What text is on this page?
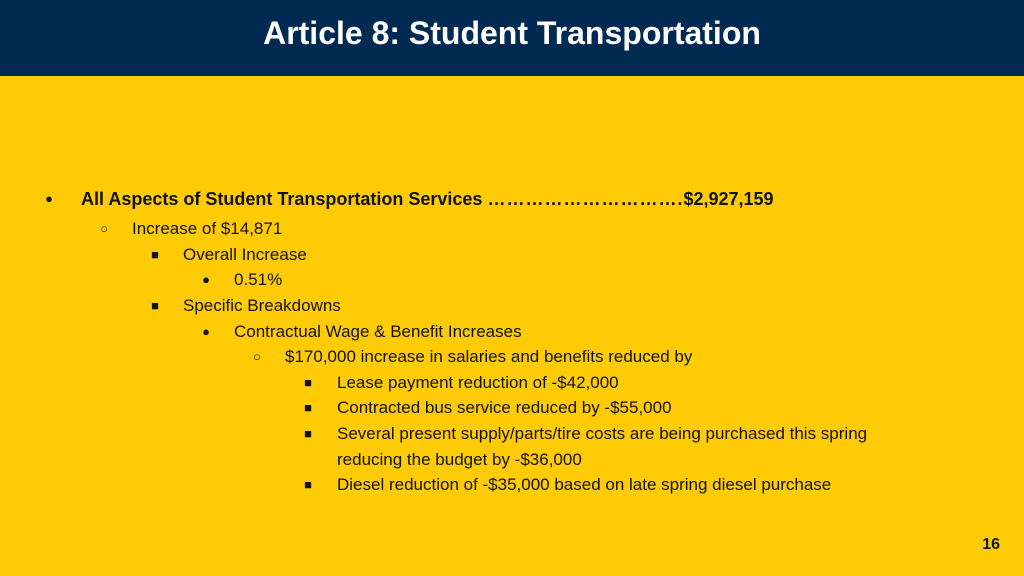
Article 8: Student Transportation
● All Aspects of Student Transportation Services ………………………….$2,927,159
○ Increase of $14,871
■ Overall Increase
● 0.51%
■ Specific Breakdowns
● Contractual Wage & Benefit Increases
○ $170,000 increase in salaries and benefits reduced by
■ Lease payment reduction of -$42,000
■ Contracted bus service reduced by -$55,000
■ Several present supply/parts/tire costs are being purchased this spring
reducing the budget by -$36,000
■ Diesel reduction of -$35,000 based on late spring diesel purchase
16
